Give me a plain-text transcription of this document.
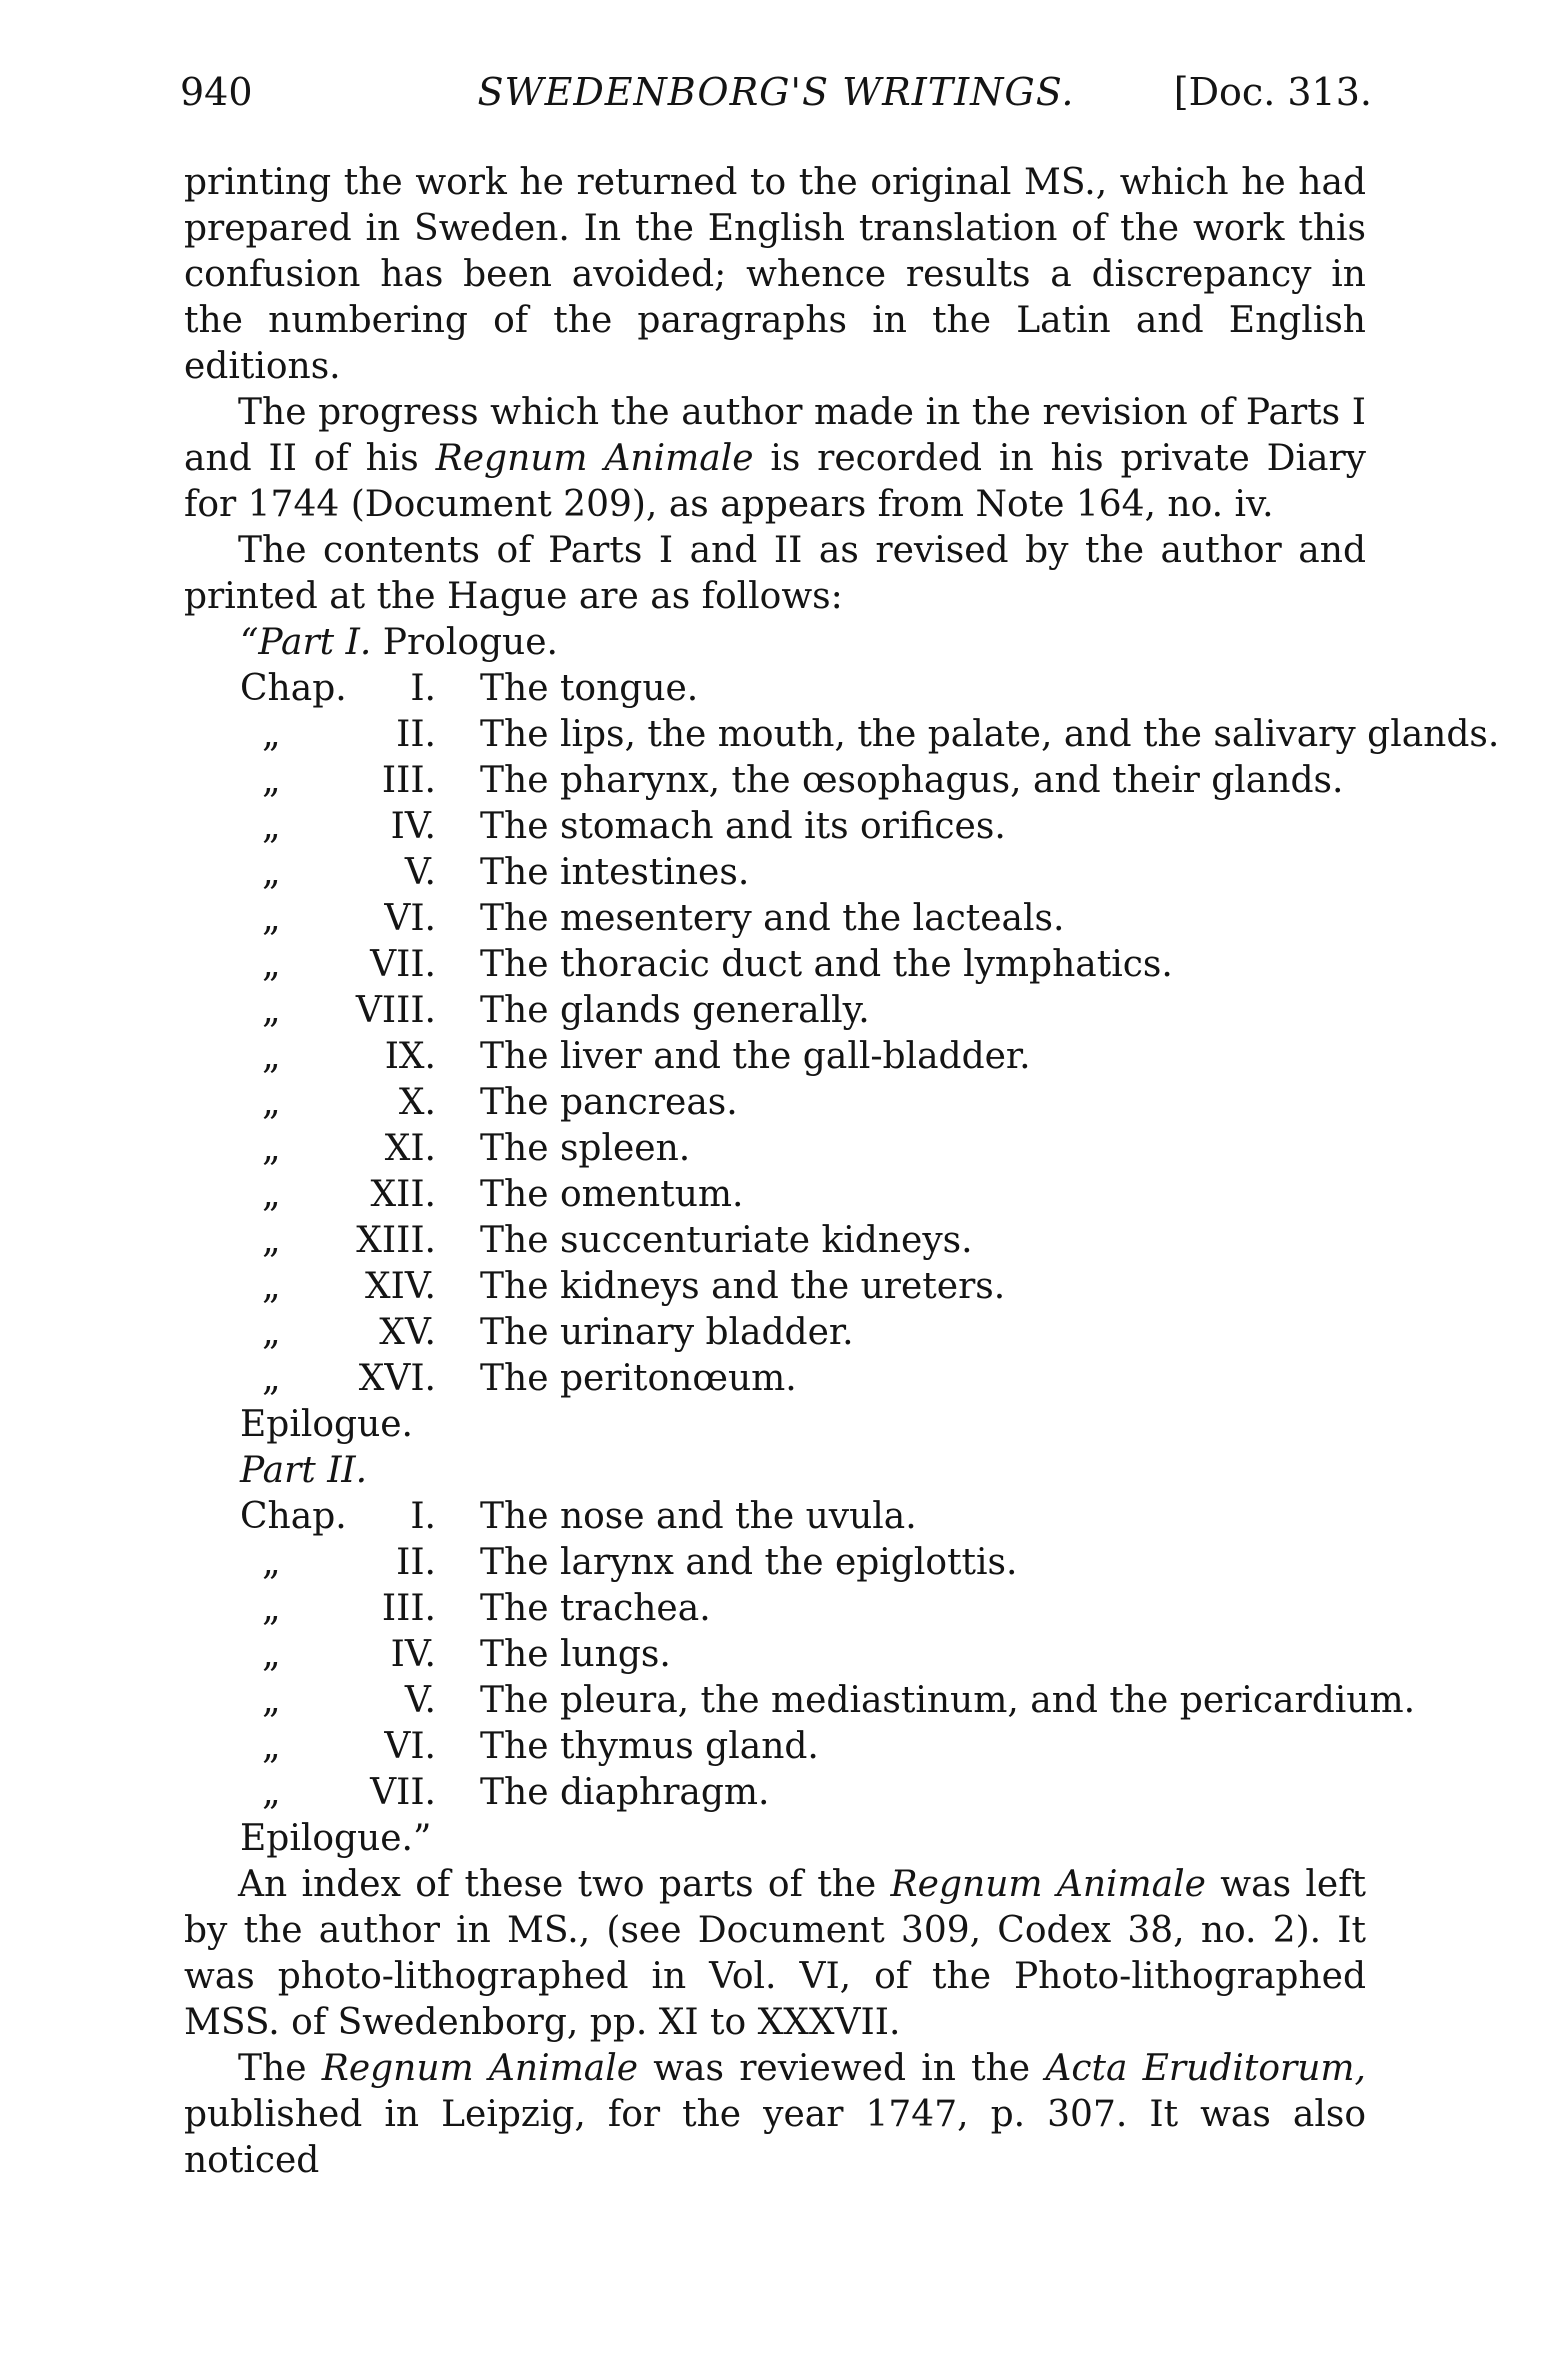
940	SWEDENBORG'S WRITINGS.	[Doc. 313.

printing the work he returned to the original MS., which he had prepared in Sweden. In the English translation of the work this confusion has been avoided; whence results a discrepancy in the numbering of the paragraphs in the Latin and English editions.

The progress which the author made in the revision of Parts I and II of his Regnum Animale is recorded in his private Diary for 1744 (Document 209), as appears from Note 164, no. iv.

The contents of Parts I and II as revised by the author and printed at the Hague are as follows:

“Part I. Prologue.
Chap.	I. The tongue.
„	II. The lips, the mouth, the palate, and the salivary glands.
„	III. The pharynx, the œsophagus, and their glands.
„	IV. The stomach and its orifices.
„	V. The intestines.
„	VI. The mesentery and the lacteals.
„	VII. The thoracic duct and the lymphatics.
„	VIII. The glands generally.
„	IX. The liver and the gall-bladder.
„	X. The pancreas.
„	XI. The spleen.
„	XII. The omentum.
„	XIII. The succenturiate kidneys.
„	XIV. The kidneys and the ureters.
„	XV. The urinary bladder.
„	XVI. The peritonœum.
Epilogue.
Part II.
Chap.	I. The nose and the uvula.
„	II. The larynx and the epiglottis.
„	III. The trachea.
„	IV. The lungs.
„	V. The pleura, the mediastinum, and the pericardium.
„	VI. The thymus gland.
„	VII. The diaphragm.
Epilogue.”

An index of these two parts of the Regnum Animale was left by the author in MS., (see Document 309, Codex 38, no. 2). It was photo-lithographed in Vol. VI, of the Photo-lithographed MSS. of Swedenborg, pp. XI to XXXVII.

The Regnum Animale was reviewed in the Acta Eruditorum, published in Leipzig, for the year 1747, p. 307. It was also noticed
